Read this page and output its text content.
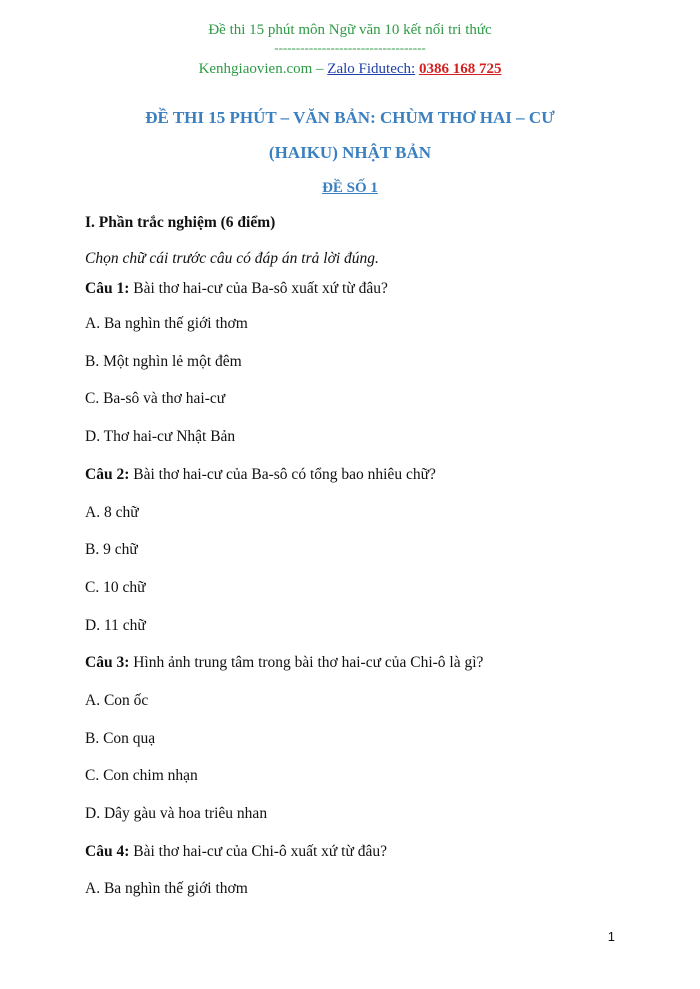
Đề thi 15 phút môn Ngữ văn 10 kết nối tri thức
-----------------------------------
Kenhgiaovien.com – Zalo Fidutech: 0386 168 725
ĐỀ THI 15 PHÚT – VĂN BẢN: CHÙM THƠ HAI – CƯ
(HAIKU) NHẬT BẢN
ĐỀ SỐ 1
I. Phần trắc nghiệm (6 điểm)
Chọn chữ cái trước câu có đáp án trả lời đúng.
Câu 1: Bài thơ hai-cư của Ba-sô xuất xứ từ đâu?
A. Ba nghìn thế giới thơm
B. Một nghìn lẻ một đêm
C. Ba-sô và thơ hai-cư
D. Thơ hai-cư Nhật Bản
Câu 2: Bài thơ hai-cư của Ba-sô có tổng bao nhiêu chữ?
A. 8 chữ
B. 9 chữ
C. 10 chữ
D. 11 chữ
Câu 3: Hình ảnh trung tâm trong bài thơ hai-cư của Chi-ô là gì?
A. Con ốc
B. Con quạ
C. Con chim nhạn
D. Dây gàu và hoa triêu nhan
Câu 4: Bài thơ hai-cư của Chi-ô xuất xứ từ đâu?
A. Ba nghìn thế giới thơm
1
